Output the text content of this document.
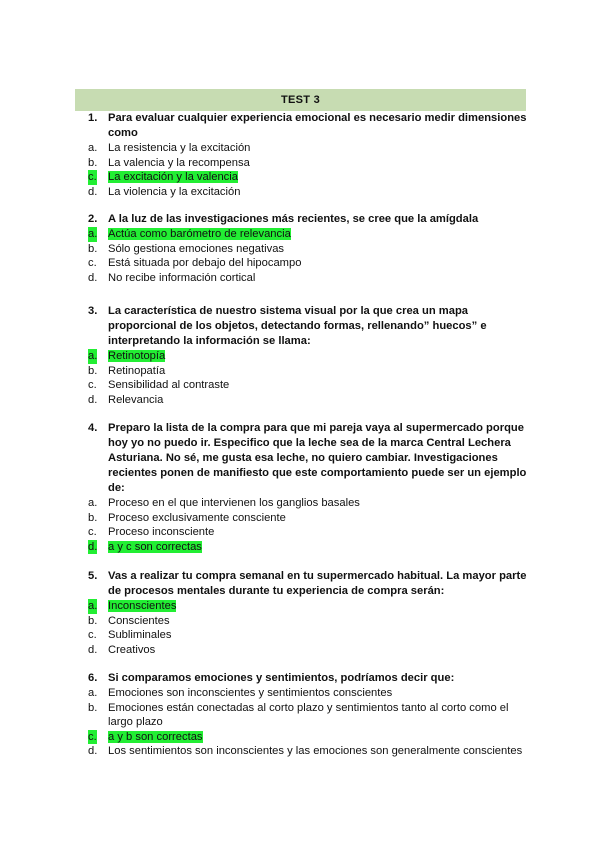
TEST 3
1. Para evaluar cualquier experiencia emocional es necesario medir dimensiones como
a. La resistencia y la excitación
b. La valencia y la recompensa
c. La excitación y la valencia
d. La violencia y la excitación
2. A la luz de las investigaciones más recientes, se cree que la amígdala
a. Actúa como barómetro de relevancia
b. Sólo gestiona emociones negativas
c. Está situada por debajo del hipocampo
d. No recibe información cortical
3. La característica de nuestro sistema visual por la que crea un mapa proporcional de los objetos, detectando formas, rellenando” huecos” e interpretando la información se llama:
a. Retinotopía
b. Retinopatía
c. Sensibilidad al contraste
d. Relevancia
4. Preparo la lista de la compra para que mi pareja vaya al supermercado porque hoy yo no puedo ir. Especifico que la leche sea de la marca Central Lechera Asturiana. No sé, me gusta esa leche, no quiero cambiar. Investigaciones recientes ponen de manifiesto que este comportamiento puede ser un ejemplo de:
a. Proceso en el que intervienen los ganglios basales
b. Proceso exclusivamente consciente
c. Proceso inconsciente
d. a y c son correctas
5. Vas a realizar tu compra semanal en tu supermercado habitual. La mayor parte de procesos mentales durante tu experiencia de compra serán:
a. Inconscientes
b. Conscientes
c. Subliminales
d. Creativos
6. Si comparamos emociones y sentimientos, podríamos decir que:
a. Emociones son inconscientes y sentimientos conscientes
b. Emociones están conectadas al corto plazo y sentimientos tanto al corto como el largo plazo
c. a y b son correctas
d. Los sentimientos son inconscientes y las emociones son generalmente conscientes
